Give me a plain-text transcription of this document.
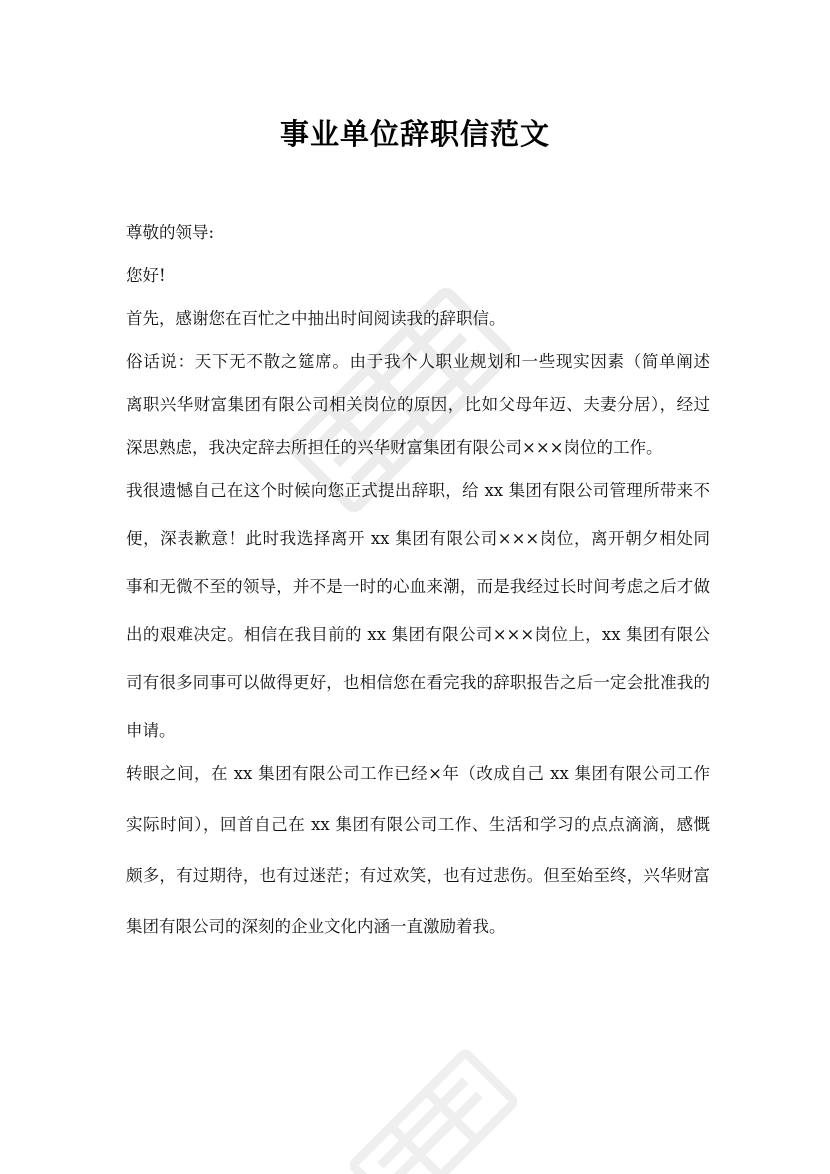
事业单位辞职信范文
尊敬的领导:
您好!
首先，感谢您在百忙之中抽出时间阅读我的辞职信。
俗话说：天下无不散之筵席。由于我个人职业规划和一些现实因素（简单阐述
离职兴华财富集团有限公司相关岗位的原因，比如父母年迈、夫妻分居），经过
深思熟虑，我决定辞去所担任的兴华财富集团有限公司×××岗位的工作。
我很遗憾自己在这个时候向您正式提出辞职，给 xx 集团有限公司管理所带来不
便，深表歉意！此时我选择离开 xx 集团有限公司×××岗位，离开朝夕相处同
事和无微不至的领导，并不是一时的心血来潮，而是我经过长时间考虑之后才做
出的艰难决定。相信在我目前的 xx 集团有限公司×××岗位上，xx 集团有限公
司有很多同事可以做得更好，也相信您在看完我的辞职报告之后一定会批准我的
申请。
转眼之间，在 xx 集团有限公司工作已经×年（改成自己 xx 集团有限公司工作
实际时间），回首自己在 xx 集团有限公司工作、生活和学习的点点滴滴，感慨
颇多，有过期待，也有过迷茫；有过欢笑，也有过悲伤。但至始至终，兴华财富
集团有限公司的深刻的企业文化内涵一直激励着我。
